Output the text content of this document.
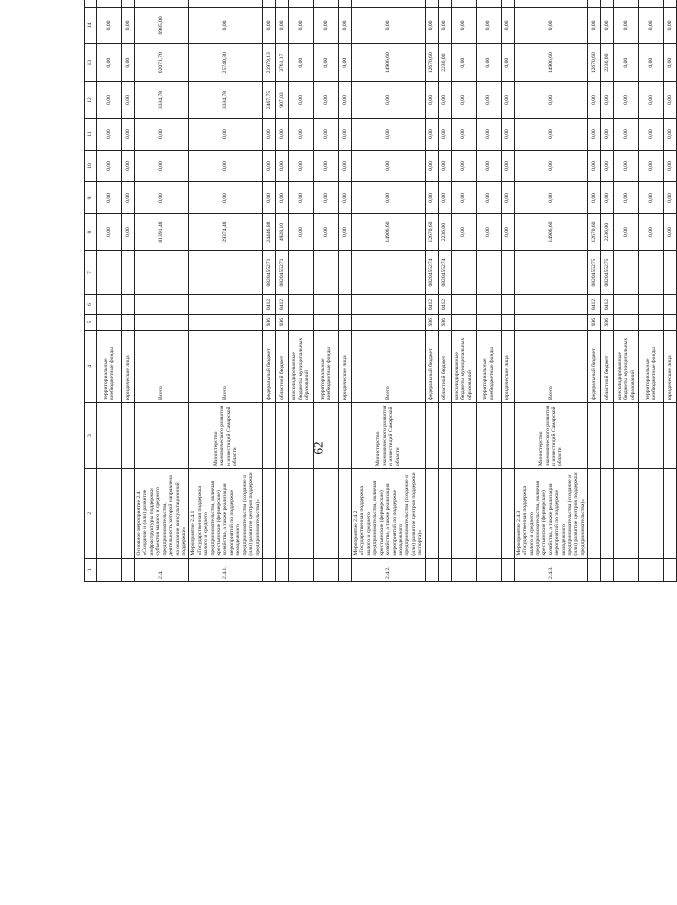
62
1	2	3	4	5	6	7	8	9	10	11	12	13	14						
			территориальные внебюджетные фонды				0,00	0,00	0,00	0,00	0,00	0,00	0,00						
			юридические лица				0,00	0,00	0,00	0,00	0,00	0,00	0,00						
2.4.	Основное мероприятие 2.4 «Создание и (или) развитие инфраструктуры поддержки субъектов малого и среднего предпринимательства, деятельность которой направлена на оказание консультационной поддержки»		Всего				81391,48	0,00	0,00	0,00	3334,78	62071,70	6985,00						
2.4.1.	Мероприятие 2.4.1 «Государственная поддержка малого и среднего предпринимательства, включая крестьянские (фермерские) хозяйства, а также реализация мероприятий по поддержке молодежного предпринимательства (создание и (или) развитие центров поддержки предпринимательства)»	Министерство экономического развития и инвестиций Самарской области	Всего				29374,48	0,00	0,00	0,00	3334,78	25740,30	0,00						
			федеральный бюджет	936	0412	0820455271	24446,88	0,00	0,00	0,00	2467,75	21979,13	0,00						
			областной бюджет	936	0412	0820455271	4928,10	0,00	0,00	0,00	907,03	3761,17	0,00						
			консолидированные бюджеты муниципальных образований				0,00	0,00	0,00	0,00	0,00	0,00	0,00						
			территориальные внебюджетные фонды				0,00	0,00	0,00	0,00	0,00	0,00	0,00						
			юридические лица				0,00	0,00	0,00	0,00	0,00	0,00	0,00						
2.4.2.	Мероприятие 2.4.2 «Государственная поддержка малого и среднего предпринимательства, включая крестьянские (фермерские) хозяйства, а также реализация мероприятий по поддержке молодежного предпринимательства (создание и (или) развитие центров поддержки экспорта)»	Министерство экономического развития и инвестиций Самарской области	Всего				14906,60	0,00	0,00	0,00	0,00	14906,60	0,00						
			федеральный бюджет	936	0412	0820455274	12670,60	0,00	0,00	0,00	0,00	12670,60	0,00						
			областной бюджет	936	0412	0820455274	2236,00	0,00	0,00	0,00	0,00	2236,00	0,00						
			консолидированные бюджеты муниципальных образований				0,00	0,00	0,00	0,00	0,00	0,00	0,00						
			территориальные внебюджетные фонды				0,00	0,00	0,00	0,00	0,00	0,00	0,00						
			юридические лица				0,00	0,00	0,00	0,00	0,00	0,00	0,00						
2.4.3.	Мероприятие 2.4.3 «Государственная поддержка малого и среднего предпринимательства, включая крестьянские (фермерские) хозяйства, а также реализация мероприятий по поддержке молодежного предпринимательства (создание и (или) развитие центров поддержки предпринимательства)»	Министерство экономического развития и инвестиций Самарской области	Всего				14906,60	0,00	0,00	0,00	0,00	14906,60	0,00						
			федеральный бюджет	936	0412	0820455275	12670,60	0,00	0,00	0,00	0,00	12670,60	0,00						
			областной бюджет	936	0412	0820455275	2236,00	0,00	0,00	0,00	0,00	2236,00	0,00						
			консолидированные бюджеты муниципальных образований				0,00	0,00	0,00	0,00	0,00	0,00	0,00						
			территориальные внебюджетные фонды				0,00	0,00	0,00	0,00	0,00	0,00	0,00						
			юридические лица				0,00	0,00	0,00	0,00	0,00	0,00	0,00						
